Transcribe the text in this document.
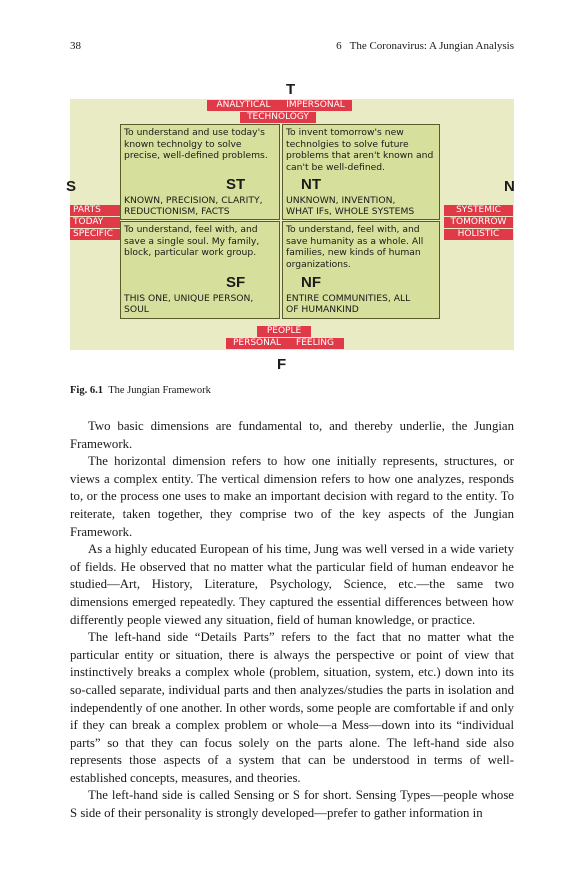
38	6   The Coronavirus: A Jungian Analysis
T
ANALYTICAL	IMPERSONAL
TECHNOLOGY
S	N
PARTS
TODAY
SPECIFIC
SYSTEMIC
TOMORROW
HOLISTIC

To understand and use today's known technolgy to solve precise, well-defined problems.

ST
KNOWN, PRECISION, CLARITY,
REDUCTIONISM, FACTS

To invent tomorrow's new technolgies to solve future problems that aren't known and can't be well-defined.

NT
UNKNOWN, INVENTION,
WHAT IFs, WHOLE SYSTEMS

To understand, feel with, and save a single soul. My family, block, particular work group.

SF
THIS ONE, UNIQUE PERSON,
SOUL

To understand, feel with, and save humanity as a whole. All families, new kinds of human organizations.

NF
ENTIRE COMMUNITIES, ALL
OF HUMANKIND
PEOPLE
PERSONAL	FEELING
F
Fig. 6.1 The Jungian Framework

Two basic dimensions are fundamental to, and thereby underlie, the Jungian Framework.

The horizontal dimension refers to how one initially represents, structures, or views a complex entity. The vertical dimension refers to how one analyzes, responds to, or the process one uses to make an important decision with regard to the entity. To reiterate, taken together, they comprise two of the key aspects of the Jungian Framework.

As a highly educated European of his time, Jung was well versed in a wide variety of fields. He observed that no matter what the particular field of human endeavor he studied—Art, History, Literature, Psychology, Science, etc.—the same two dimensions emerged repeatedly. They captured the essential differences between how differently people viewed any situation, field of human knowledge, or practice.

The left-hand side “Details Parts” refers to the fact that no matter what the particular entity or situation, there is always the perspective or point of view that instinctively breaks a complex whole (problem, situation, system, etc.) down into its so-called separate, individual parts and then analyzes/studies the parts in isolation and independently of one another. In other words, some people are comfortable if and only if they can break a complex problem or whole—a Mess—down into its “individual parts” so that they can focus solely on the parts alone. The left-hand side also represents those aspects of a system that can be understood in terms of well-established concepts, measures, and theories.

The left-hand side is called Sensing or S for short. Sensing Types—people whose S side of their personality is strongly developed—prefer to gather information in
